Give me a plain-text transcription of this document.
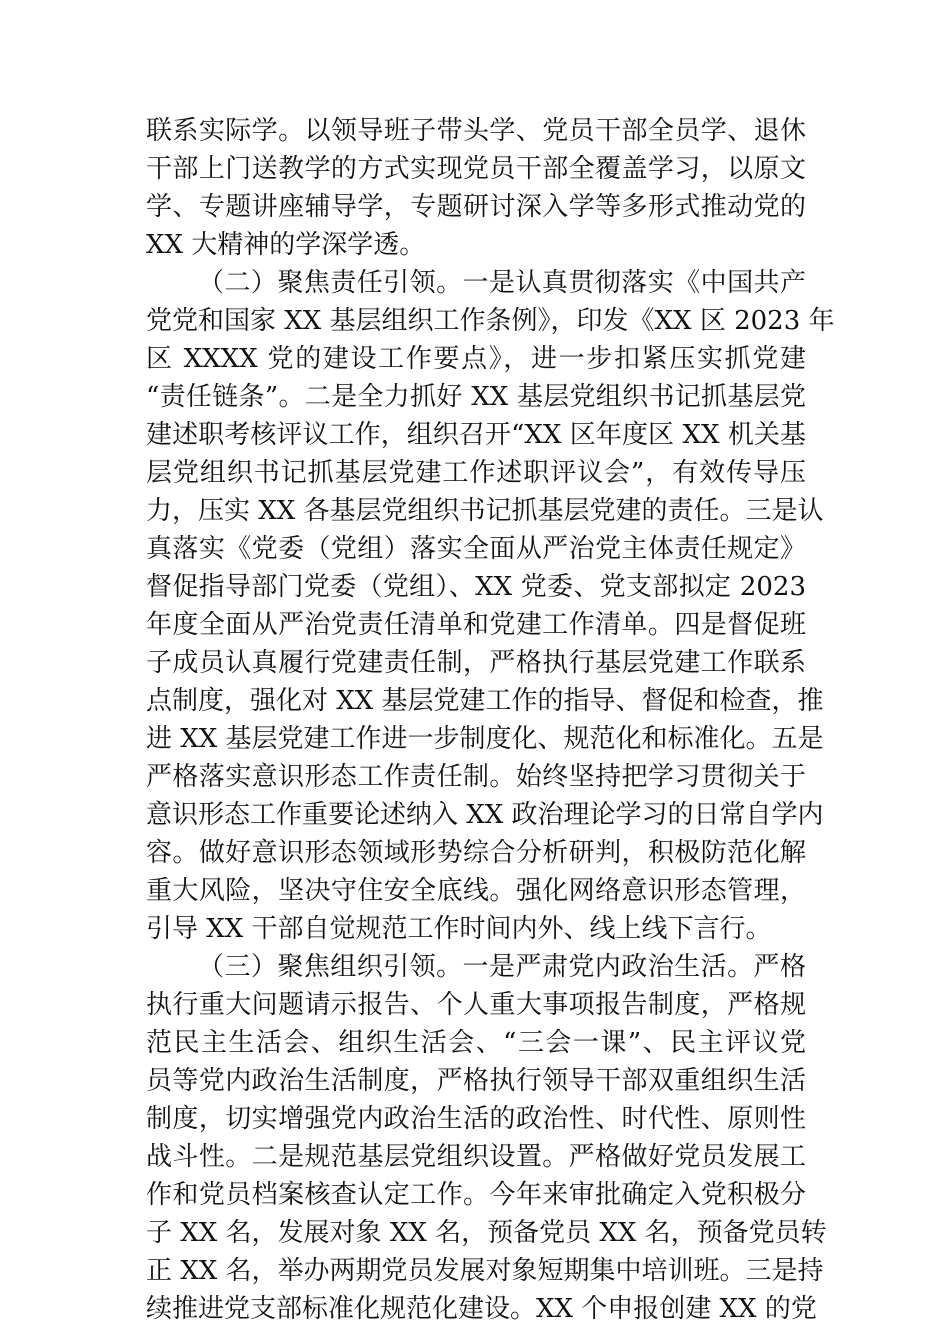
联系实际学。以领导班子带头学、党员干部全员学、退休
干部上门送教学的方式实现党员干部全覆盖学习，以原文
学、专题讲座辅导学，专题研讨深入学等多形式推动党的
XX 大精神的学深学透。
（二）聚焦责任引领。一是认真贯彻落实《中国共产
党党和国家 XX 基层组织工作条例》，印发《XX 区 2023 年
区 XXXX 党的建设工作要点》，进一步扣紧压实抓党建
“责任链条”。二是全力抓好 XX 基层党组织书记抓基层党
建述职考核评议工作，组织召开“XX 区年度区 XX 机关基
层党组织书记抓基层党建工作述职评议会”，有效传导压
力，压实 XX 各基层党组织书记抓基层党建的责任。三是认
真落实《党委（党组）落实全面从严治党主体责任规定》
督促指导部门党委（党组）、XX 党委、党支部拟定 2023
年度全面从严治党责任清单和党建工作清单。四是督促班
子成员认真履行党建责任制，严格执行基层党建工作联系
点制度，强化对 XX 基层党建工作的指导、督促和检查，推
进 XX 基层党建工作进一步制度化、规范化和标准化。五是
严格落实意识形态工作责任制。始终坚持把学习贯彻关于
意识形态工作重要论述纳入 XX 政治理论学习的日常自学内
容。做好意识形态领域形势综合分析研判，积极防范化解
重大风险，坚决守住安全底线。强化网络意识形态管理，
引导 XX 干部自觉规范工作时间内外、线上线下言行。
（三）聚焦组织引领。一是严肃党内政治生活。严格
执行重大问题请示报告、个人重大事项报告制度，严格规
范民主生活会、组织生活会、“三会一课”、民主评议党
员等党内政治生活制度，严格执行领导干部双重组织生活
制度，切实增强党内政治生活的政治性、时代性、原则性
战斗性。二是规范基层党组织设置。严格做好党员发展工
作和党员档案核查认定工作。今年来审批确定入党积极分
子 XX 名，发展对象 XX 名，预备党员 XX 名，预备党员转
正 XX 名，举办两期党员发展对象短期集中培训班。三是持
续推进党支部标准化规范化建设。XX 个申报创建 XX 的党
